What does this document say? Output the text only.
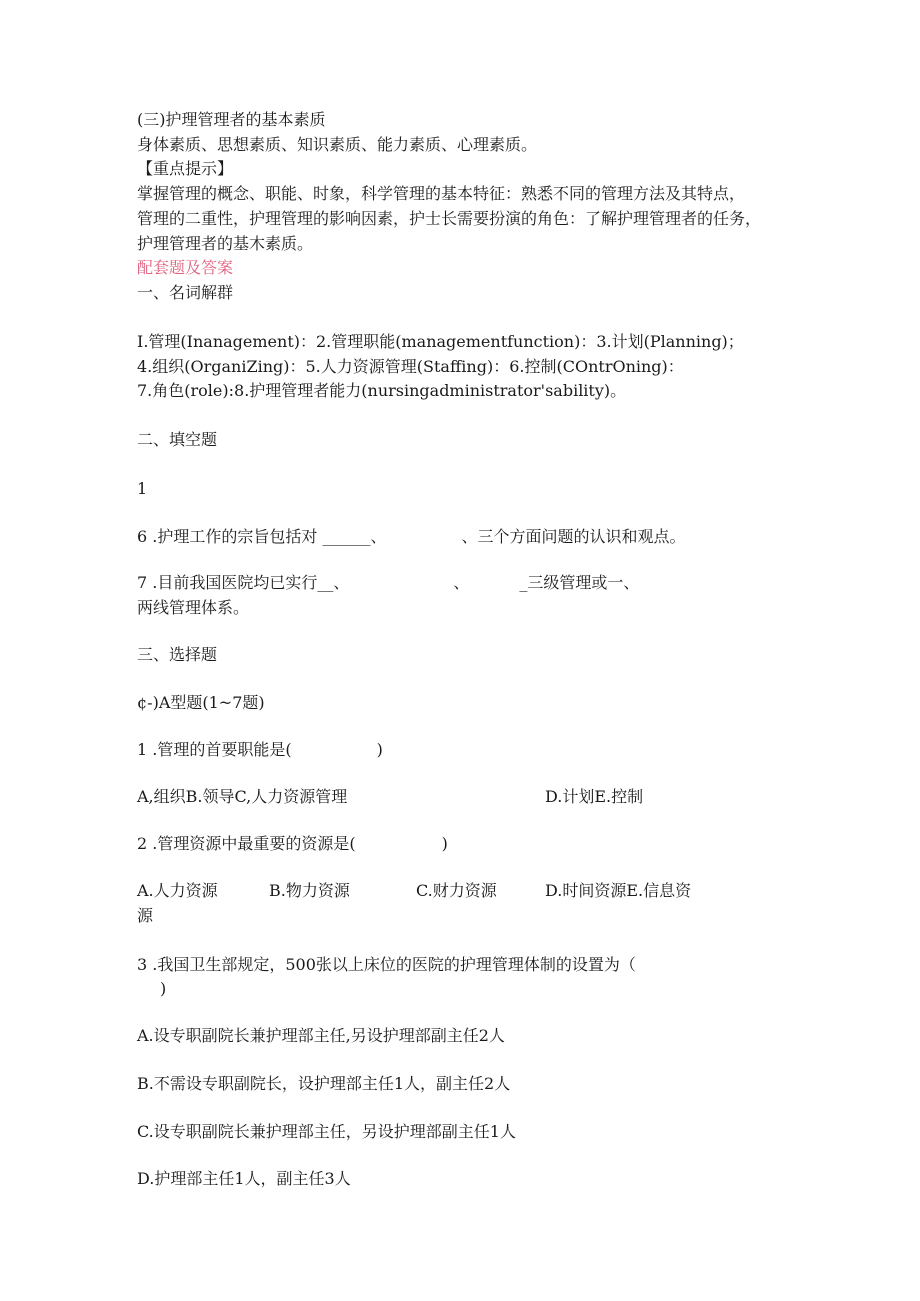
(三)护理管理者的基本素质

身体素质、思想素质、知识素质、能力素质、心理素质。

【重点提示】

掌握管理的概念、职能、时象，科学管理的基本特征：熟悉不同的管理方法及其特点，

管理的二重性，护理管理的影响因素，护士长需要扮演的角色：了解护理管理者的任务，

护理管理者的基木素质。

配套题及答案

一、名词解群

I.管理(Inanagement)：2.管理职能(managementfunction)：3.计划(Planning)；

4.组织(OrganiZing)：5.人力资源管理(Staffing)：6.控制(COntrOning)：

7.角色(role):8.护理管理者能力(nursingadministrator'sability)。

二、填空题

1

6 .护理工作的宗旨包括对 ______、	、三个方面问题的认识和观点。

7 .目前我国医院均已实行__、	、	_三级管理或一、

两线管理体系。

三、选择题

¢-)A型题(1~7题)

1 .管理的首要职能是(	)

A,组织B.领导C,人力资源管理	D.计划E.控制

2 .管理资源中最重要的资源是(	)

A.人力资源	B.物力资源	C.财力资源	D.时间资源E.信息资

源

3 .我国卫生部规定，500张以上床位的医院的护理管理体制的设置为（

)

A.设专职副院长兼护理部主任,另设护理部副主任2人

B.不需设专职副院长，设护理部主任1人，副主任2人

C.设专职副院长兼护理部主任，另设护理部副主任1人

D.护理部主任1人，副主任3人
